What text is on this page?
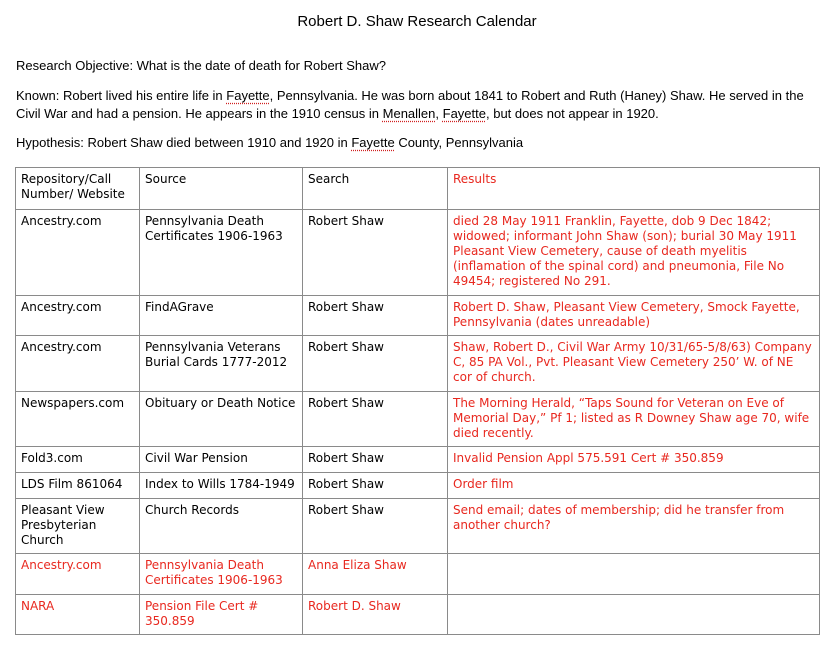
Robert D. Shaw Research Calendar
Research Objective: What is the date of death for Robert Shaw?
Known: Robert lived his entire life in Fayette, Pennsylvania. He was born about 1841 to Robert and Ruth (Haney) Shaw. He served in the Civil War and had a pension. He appears in the 1910 census in Menallen, Fayette, but does not appear in 1920.
Hypothesis: Robert Shaw died between 1910 and 1920 in Fayette County, Pennsylvania
Repository/Call Number/ Website	Source	Search	Results
Ancestry.com	Pennsylvania Death Certificates 1906-1963	Robert Shaw	died 28 May 1911 Franklin, Fayette, dob 9 Dec 1842; widowed; informant John Shaw (son); burial 30 May 1911 Pleasant View Cemetery, cause of death myelitis (inflamation of the spinal cord) and pneumonia, File No 49454; registered No 291.
Ancestry.com	FindAGrave	Robert Shaw	Robert D. Shaw, Pleasant View Cemetery, Smock Fayette, Pennsylvania (dates unreadable)
Ancestry.com	Pennsylvania Veterans Burial Cards 1777-2012	Robert Shaw	Shaw, Robert D., Civil War Army 10/31/65-5/8/63) Company C, 85 PA Vol., Pvt. Pleasant View Cemetery 250’ W. of NE cor of church.
Newspapers.com	Obituary or Death Notice	Robert Shaw	The Morning Herald, “Taps Sound for Veteran on Eve of Memorial Day,” Pf 1; listed as R Downey Shaw age 70, wife died recently.
Fold3.com	Civil War Pension	Robert Shaw	Invalid Pension Appl 575.591 Cert # 350.859
LDS Film 861064	Index to Wills 1784-1949	Robert Shaw	Order film
Pleasant View Presbyterian Church	Church Records	Robert Shaw	Send email; dates of membership; did he transfer from another church?
Ancestry.com	Pennsylvania Death Certificates 1906-1963	Anna Eliza Shaw	
NARA	Pension File Cert # 350.859	Robert D. Shaw	
